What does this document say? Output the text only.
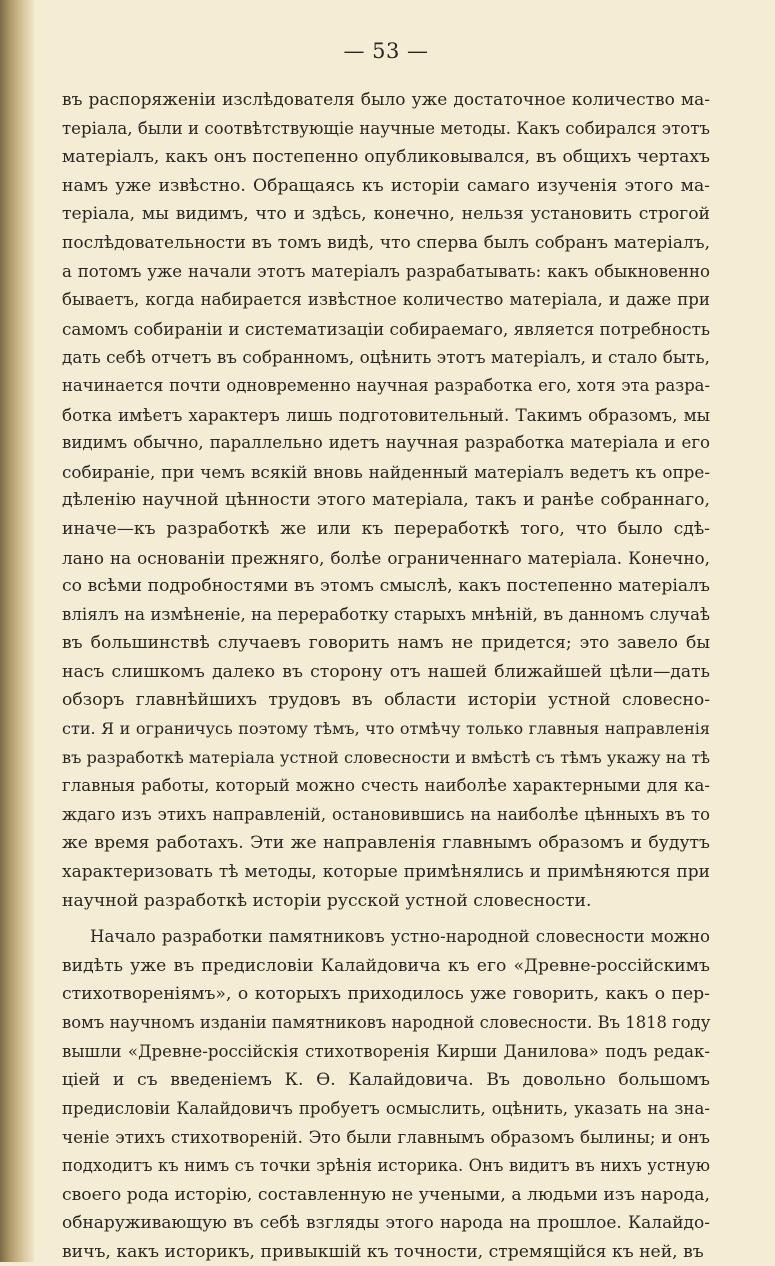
— 53 —

въ распоряженіи изслѣдователя было уже достаточное количество ма-
теріала, были и соотвѣтствующіе научные методы. Какъ собирался этотъ
матеріалъ, какъ онъ постепенно опубликовывался, въ общихъ чертахъ
намъ уже извѣстно. Обращаясь къ исторіи самаго изученія этого ма-
теріала, мы видимъ, что и здѣсь, конечно, нельзя установить строгой
послѣдовательности въ томъ видѣ, что сперва былъ собранъ матеріалъ,
а потомъ уже начали этотъ матеріалъ разрабатывать: какъ обыкновенно
бываетъ, когда набирается извѣстное количество матеріала, и даже при
самомъ собираніи и систематизаціи собираемаго, является потребность
дать себѣ отчетъ въ собранномъ, оцѣнить этотъ матеріалъ, и стало быть,
начинается почти одновременно научная разработка его, хотя эта разра-
ботка имѣетъ характеръ лишь подготовительный. Такимъ образомъ, мы
видимъ обычно, параллельно идетъ научная разработка матеріала и его
собираніе, при чемъ всякій вновь найденный матеріалъ ведетъ къ опре-
дѣленію научной цѣнности этого матеріала, такъ и ранѣе собраннаго,
иначе—къ разработкѣ же или къ переработкѣ того, что было сдѣ-
лано на основаніи прежняго, болѣе ограниченнаго матеріала. Конечно,
со всѣми подробностями въ этомъ смыслѣ, какъ постепенно матеріалъ
вліялъ на измѣненіе, на переработку старыхъ мнѣній, въ данномъ случаѣ
въ большинствѣ случаевъ говорить намъ не придется; это завело бы
насъ слишкомъ далеко въ сторону отъ нашей ближайшей цѣли—дать
обзоръ главнѣйшихъ трудовъ въ области исторіи устной словесно-
сти. Я и ограничусь поэтому тѣмъ, что отмѣчу только главныя направленія
въ разработкѣ матеріала устной словесности и вмѣстѣ съ тѣмъ укажу на тѣ
главныя работы, который можно счесть наиболѣе характерными для ка-
ждаго изъ этихъ направленій, остановившись на наиболѣе цѣнныхъ въ то
же время работахъ. Эти же направленія главнымъ образомъ и будутъ
характеризовать тѣ методы, которые примѣнялись и примѣняются при
научной разработкѣ исторіи русской устной словесности.

Начало разработки памятниковъ устно-народной словесности можно
видѣть уже въ предисловіи Калайдовича къ его «Древне-россійскимъ
стихотвореніямъ», о которыхъ приходилось уже говорить, какъ о пер-
вомъ научномъ изданіи памятниковъ народной словесности. Въ 1818 году
вышли «Древне-россійскія стихотворенія Кирши Данилова» подъ редак-
ціей и съ введеніемъ К. Ѳ. Калайдовича. Въ довольно большомъ
предисловіи Калайдовичъ пробуетъ осмыслить, оцѣнить, указать на зна-
ченіе этихъ стихотвореній. Это были главнымъ образомъ былины; и онъ
подходитъ къ нимъ съ точки зрѣнія историка. Онъ видитъ въ нихъ устную
своего рода исторію, составленную не учеными, а людьми изъ народа,
обнаруживающую въ себѣ взгляды этого народа на прошлое. Калайдо-
вичъ, какъ историкъ, привыкшій къ точности, стремящійся къ ней, въ
